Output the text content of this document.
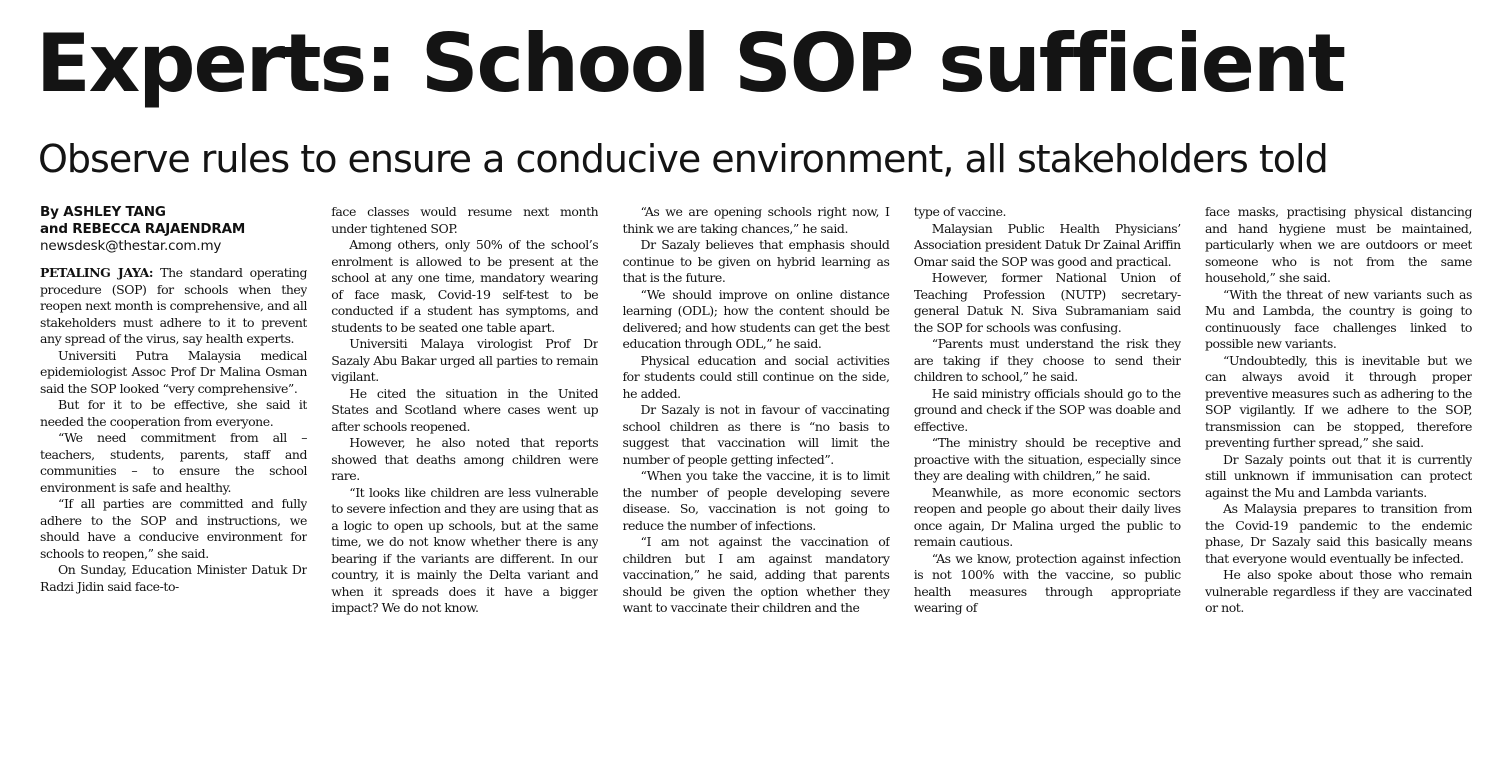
Experts: School SOP sufficient
Observe rules to ensure a conducive environment, all stakeholders told
By ASHLEY TANG
and REBECCA RAJAENDRAM
newsdesk@thestar.com.my

PETALING JAYA: The standard operating procedure (SOP) for schools when they reopen next month is comprehensive, and all stakeholders must adhere to it to prevent any spread of the virus, say health experts.

Universiti Putra Malaysia medical epidemiologist Assoc Prof Dr Malina Osman said the SOP looked “very comprehensive”.

But for it to be effective, she said it needed the cooperation from everyone.

“We need commitment from all – teachers, students, parents, staff and communities – to ensure the school environment is safe and healthy.

“If all parties are committed and fully adhere to the SOP and instructions, we should have a conducive environment for schools to reopen,” she said.

On Sunday, Education Minister Datuk Dr Radzi Jidin said face-to-

face classes would resume next month under tightened SOP.

Among others, only 50% of the school’s enrolment is allowed to be present at the school at any one time, mandatory wearing of face mask, Covid-19 self-test to be conducted if a student has symptoms, and students to be seated one table apart.

Universiti Malaya virologist Prof Dr Sazaly Abu Bakar urged all parties to remain vigilant.

He cited the situation in the United States and Scotland where cases went up after schools reopened.

However, he also noted that reports showed that deaths among children were rare.

“It looks like children are less vulnerable to severe infection and they are using that as a logic to open up schools, but at the same time, we do not know whether there is any bearing if the variants are different. In our country, it is mainly the Delta variant and when it spreads does it have a bigger impact? We do not know.

“As we are opening schools right now, I think we are taking chances,” he said.

Dr Sazaly believes that emphasis should continue to be given on hybrid learning as that is the future.

“We should improve on online distance learning (ODL); how the content should be delivered; and how students can get the best education through ODL,” he said.

Physical education and social activities for students could still continue on the side, he added.

Dr Sazaly is not in favour of vaccinating school children as there is “no basis to suggest that vaccination will limit the number of people getting infected”.

“When you take the vaccine, it is to limit the number of people developing severe disease. So, vaccination is not going to reduce the number of infections.

“I am not against the vaccination of children but I am against mandatory vaccination,” he said, adding that parents should be given the option whether they want to vaccinate their children and the

type of vaccine.

Malaysian Public Health Physicians’ Association president Datuk Dr Zainal Ariffin Omar said the SOP was good and practical.

However, former National Union of Teaching Profession (NUTP) secretary-general Datuk N. Siva Subramaniam said the SOP for schools was confusing.

“Parents must understand the risk they are taking if they choose to send their children to school,” he said.

He said ministry officials should go to the ground and check if the SOP was doable and effective.

“The ministry should be receptive and proactive with the situation, especially since they are dealing with children,” he said.

Meanwhile, as more economic sectors reopen and people go about their daily lives once again, Dr Malina urged the public to remain cautious.

“As we know, protection against infection is not 100% with the vaccine, so public health measures through appropriate wearing of

face masks, practising physical distancing and hand hygiene must be maintained, particularly when we are outdoors or meet someone who is not from the same household,” she said.

“With the threat of new variants such as Mu and Lambda, the country is going to continuously face challenges linked to possible new variants.

“Undoubtedly, this is inevitable but we can always avoid it through proper preventive measures such as adhering to the SOP vigilantly. If we adhere to the SOP, transmission can be stopped, therefore preventing further spread,” she said.

Dr Sazaly points out that it is currently still unknown if immunisation can protect against the Mu and Lambda variants.

As Malaysia prepares to transition from the Covid-19 pandemic to the endemic phase, Dr Sazaly said this basically means that everyone would eventually be infected.

He also spoke about those who remain vulnerable regardless if they are vaccinated or not.
